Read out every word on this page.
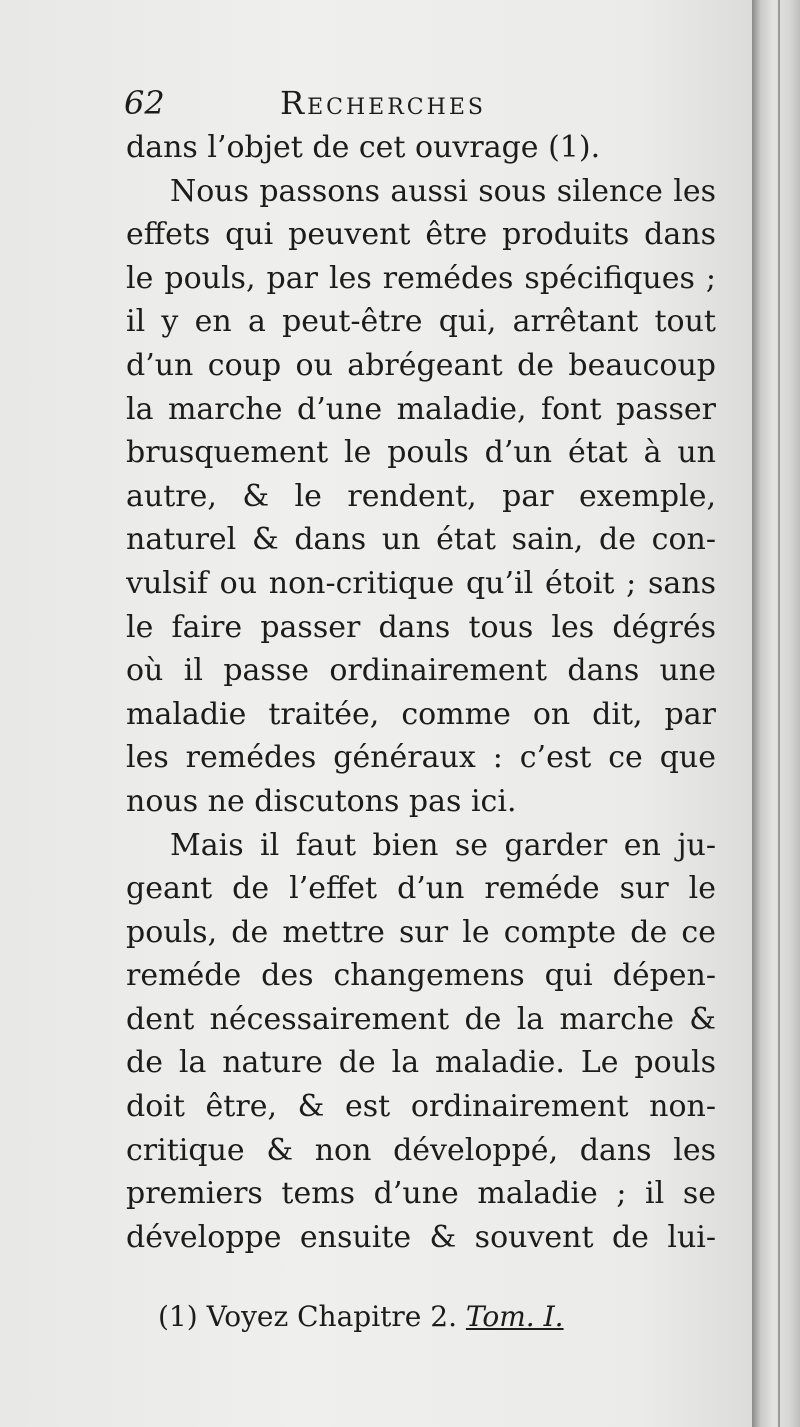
62	Recherches
dans l’objet de cet ouvrage (1).
Nous passons aussi sous silence les
effets qui peuvent être produits dans
le pouls, par les remédes spécifiques ;
il y en a peut-être qui, arrêtant tout
d’un coup ou abrégeant de beaucoup
la marche d’une maladie, font passer
brusquement le pouls d’un état à un
autre, & le rendent, par exemple,
naturel & dans un état sain, de con-
vulsif ou non-critique qu’il étoit ; sans
le faire passer dans tous les dégrés
où il passe ordinairement dans une
maladie traitée, comme on dit, par
les remédes généraux : c’est ce que
nous ne discutons pas ici.
Mais il faut bien se garder en ju-
geant de l’effet d’un reméde sur le
pouls, de mettre sur le compte de ce
reméde des changemens qui dépen-
dent nécessairement de la marche &
de la nature de la maladie. Le pouls
doit être, & est ordinairement non-
critique & non développé, dans les
premiers tems d’une maladie ; il se
développe ensuite & souvent de lui-
(1) Voyez Chapitre 2. Tom. I.
